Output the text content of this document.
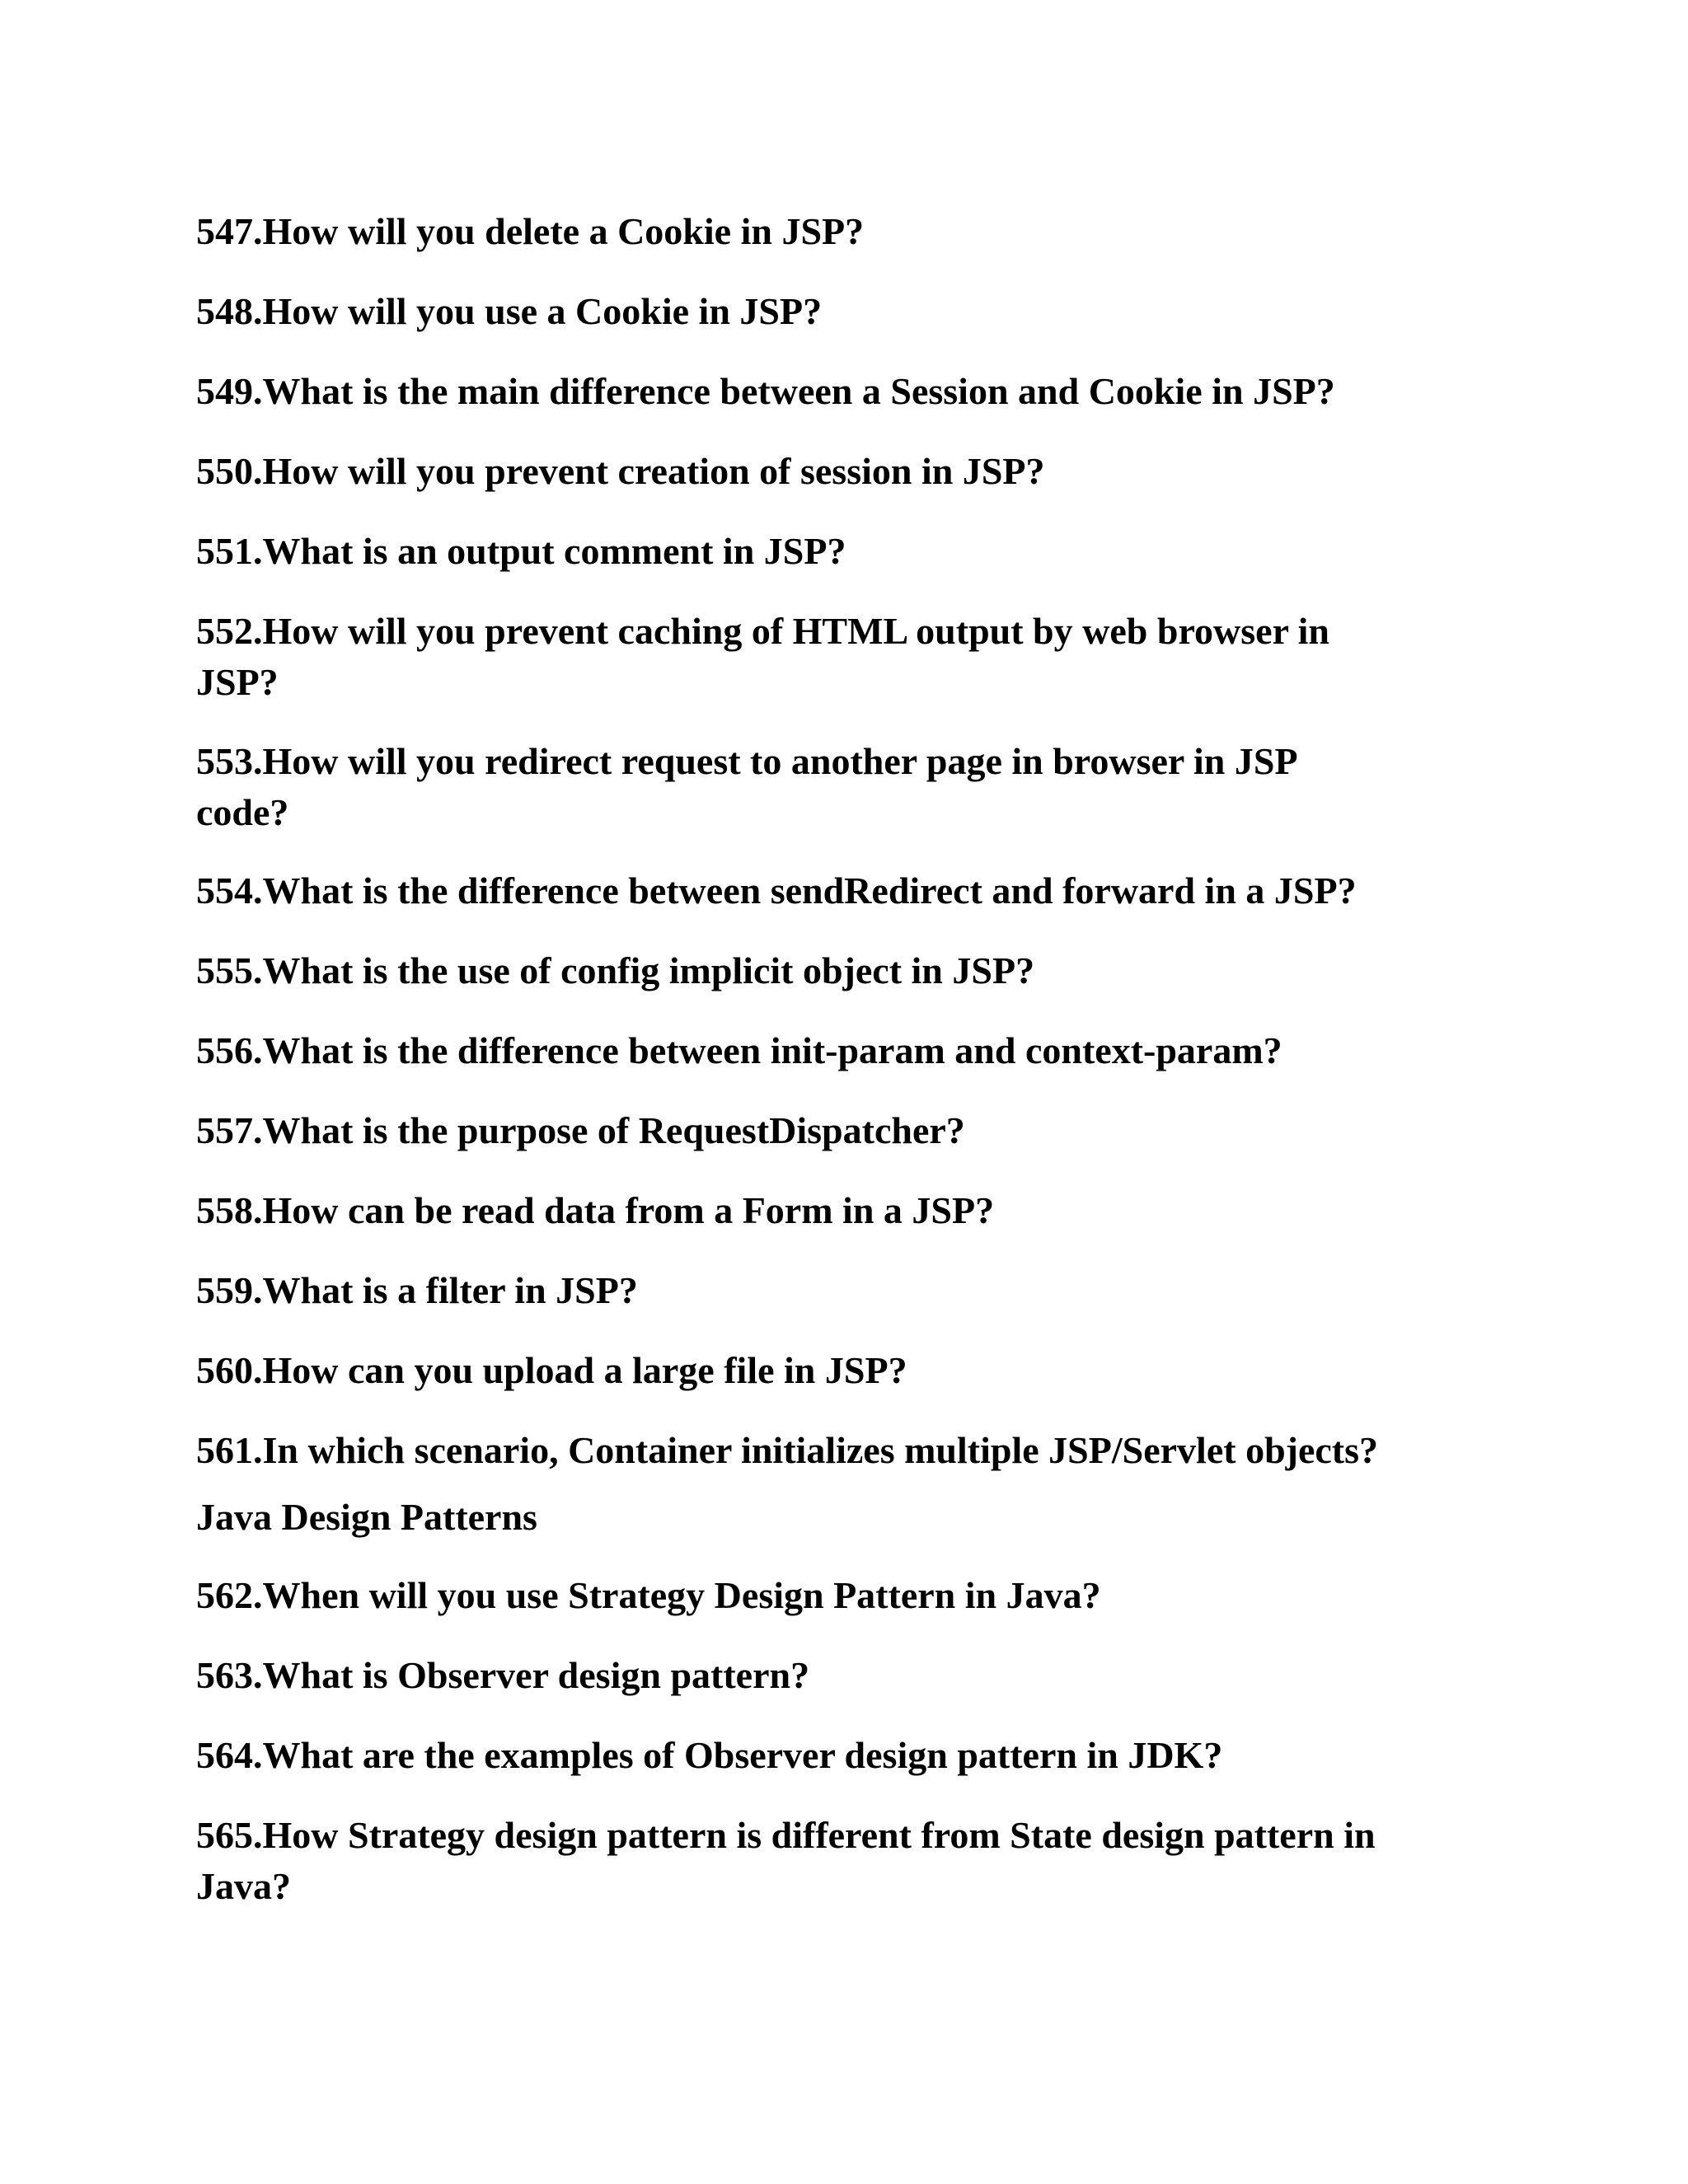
547.How will you delete a Cookie in JSP?
548.How will you use a Cookie in JSP?
549.What is the main difference between a Session and Cookie in JSP?
550.How will you prevent creation of session in JSP?
551.What is an output comment in JSP?
552.How will you prevent caching of HTML output by web browser in
JSP?
553.How will you redirect request to another page in browser in JSP
code?
554.What is the difference between sendRedirect and forward in a JSP?
555.What is the use of config implicit object in JSP?
556.What is the difference between init-param and context-param?
557.What is the purpose of RequestDispatcher?
558.How can be read data from a Form in a JSP?
559.What is a filter in JSP?
560.How can you upload a large file in JSP?
561.In which scenario, Container initializes multiple JSP/Servlet objects?
Java Design Patterns
562.When will you use Strategy Design Pattern in Java?
563.What is Observer design pattern?
564.What are the examples of Observer design pattern in JDK?
565.How Strategy design pattern is different from State design pattern in
Java?
